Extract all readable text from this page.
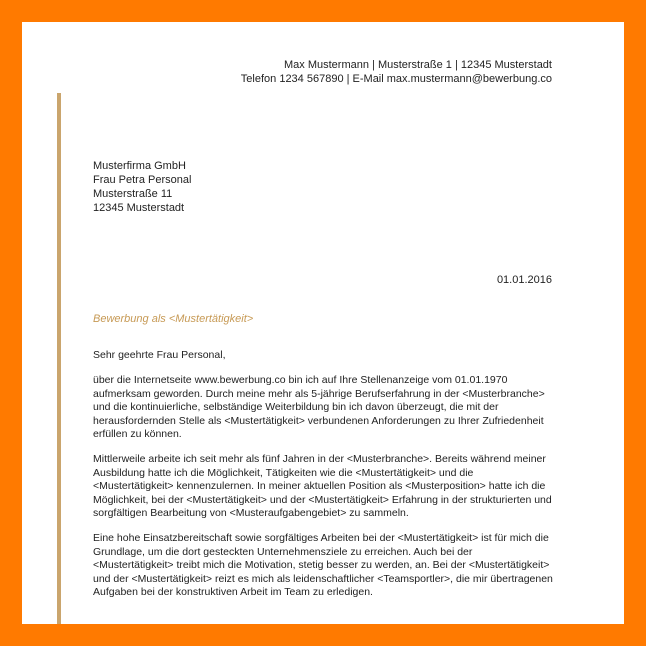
Max Mustermann | Musterstraße 1 | 12345 Musterstadt
Telefon 1234 567890 | E-Mail max.mustermann@bewerbung.co
Musterfirma GmbH
Frau Petra Personal
Musterstraße 11
12345 Musterstadt
01.01.2016
Bewerbung als <Mustertätigkeit>

Sehr geehrte Frau Personal,

über die Internetseite www.bewerbung.co bin ich auf Ihre Stellenanzeige vom 01.01.1970 aufmerksam geworden. Durch meine mehr als 5-jährige Berufserfahrung in der <Musterbranche> und die kontinuierliche, selbständige Weiterbildung bin ich davon überzeugt, die mit der herausfordernden Stelle als <Mustertätigkeit> verbundenen Anforderungen zu Ihrer Zufriedenheit erfüllen zu können.

Mittlerweile arbeite ich seit mehr als fünf Jahren in der <Musterbranche>. Bereits während meiner Ausbildung hatte ich die Möglichkeit, Tätigkeiten wie die <Mustertätigkeit> und die <Mustertätigkeit> kennenzulernen. In meiner aktuellen Position als <Musterposition> hatte ich die Möglichkeit, bei der <Mustertätigkeit> und der <Mustertätigkeit> Erfahrung in der strukturierten und sorgfältigen Bearbeitung von <Musteraufgabengebiet> zu sammeln.

Eine hohe Einsatzbereitschaft sowie sorgfältiges Arbeiten bei der <Mustertätigkeit> ist für mich die Grundlage, um die dort gesteckten Unternehmensziele zu erreichen. Auch bei der <Mustertätigkeit> treibt mich die Motivation, stetig besser zu werden, an. Bei der <Mustertätigkeit> und der <Mustertätigkeit> reizt es mich als leidenschaftlicher <Teamsportler>, die mir übertragenen Aufgaben bei der konstruktiven Arbeit im Team zu erledigen.
